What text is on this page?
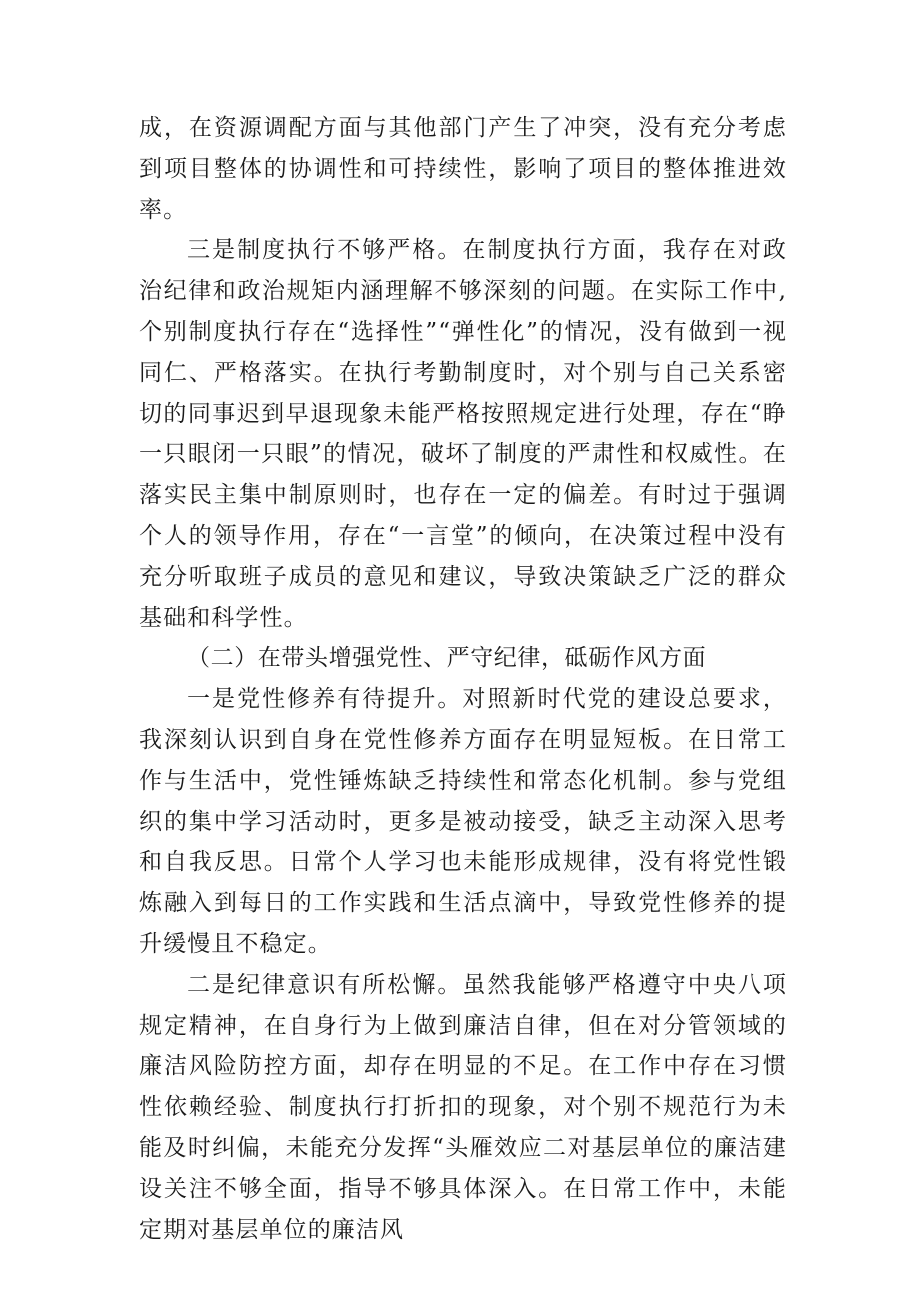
成，在资源调配方面与其他部门产生了冲突，没有充分考虑到项目整体的协调性和可持续性，影响了项目的整体推进效率。

三是制度执行不够严格。在制度执行方面，我存在对政治纪律和政治规矩内涵理解不够深刻的问题。在实际工作中,个别制度执行存在“选择性”“弹性化”的情况，没有做到一视同仁、严格落实。在执行考勤制度时，对个别与自己关系密切的同事迟到早退现象未能严格按照规定进行处理，存在“睁一只眼闭一只眼”的情况，破坏了制度的严肃性和权威性。在落实民主集中制原则时，也存在一定的偏差。有时过于强调个人的领导作用，存在“一言堂”的倾向，在决策过程中没有充分听取班子成员的意见和建议，导致决策缺乏广泛的群众基础和科学性。

（二）在带头增强党性、严守纪律，砥砺作风方面

一是党性修养有待提升。对照新时代党的建设总要求，我深刻认识到自身在党性修养方面存在明显短板。在日常工作与生活中，党性锤炼缺乏持续性和常态化机制。参与党组织的集中学习活动时，更多是被动接受，缺乏主动深入思考和自我反思。日常个人学习也未能形成规律，没有将党性锻炼融入到每日的工作实践和生活点滴中，导致党性修养的提升缓慢且不稳定。

二是纪律意识有所松懈。虽然我能够严格遵守中央八项规定精神，在自身行为上做到廉洁自律，但在对分管领域的廉洁风险防控方面，却存在明显的不足。在工作中存在习惯性依赖经验、制度执行打折扣的现象，对个别不规范行为未能及时纠偏，未能充分发挥“头雁效应二对基层单位的廉洁建设关注不够全面，指导不够具体深入。在日常工作中，未能定期对基层单位的廉洁风
